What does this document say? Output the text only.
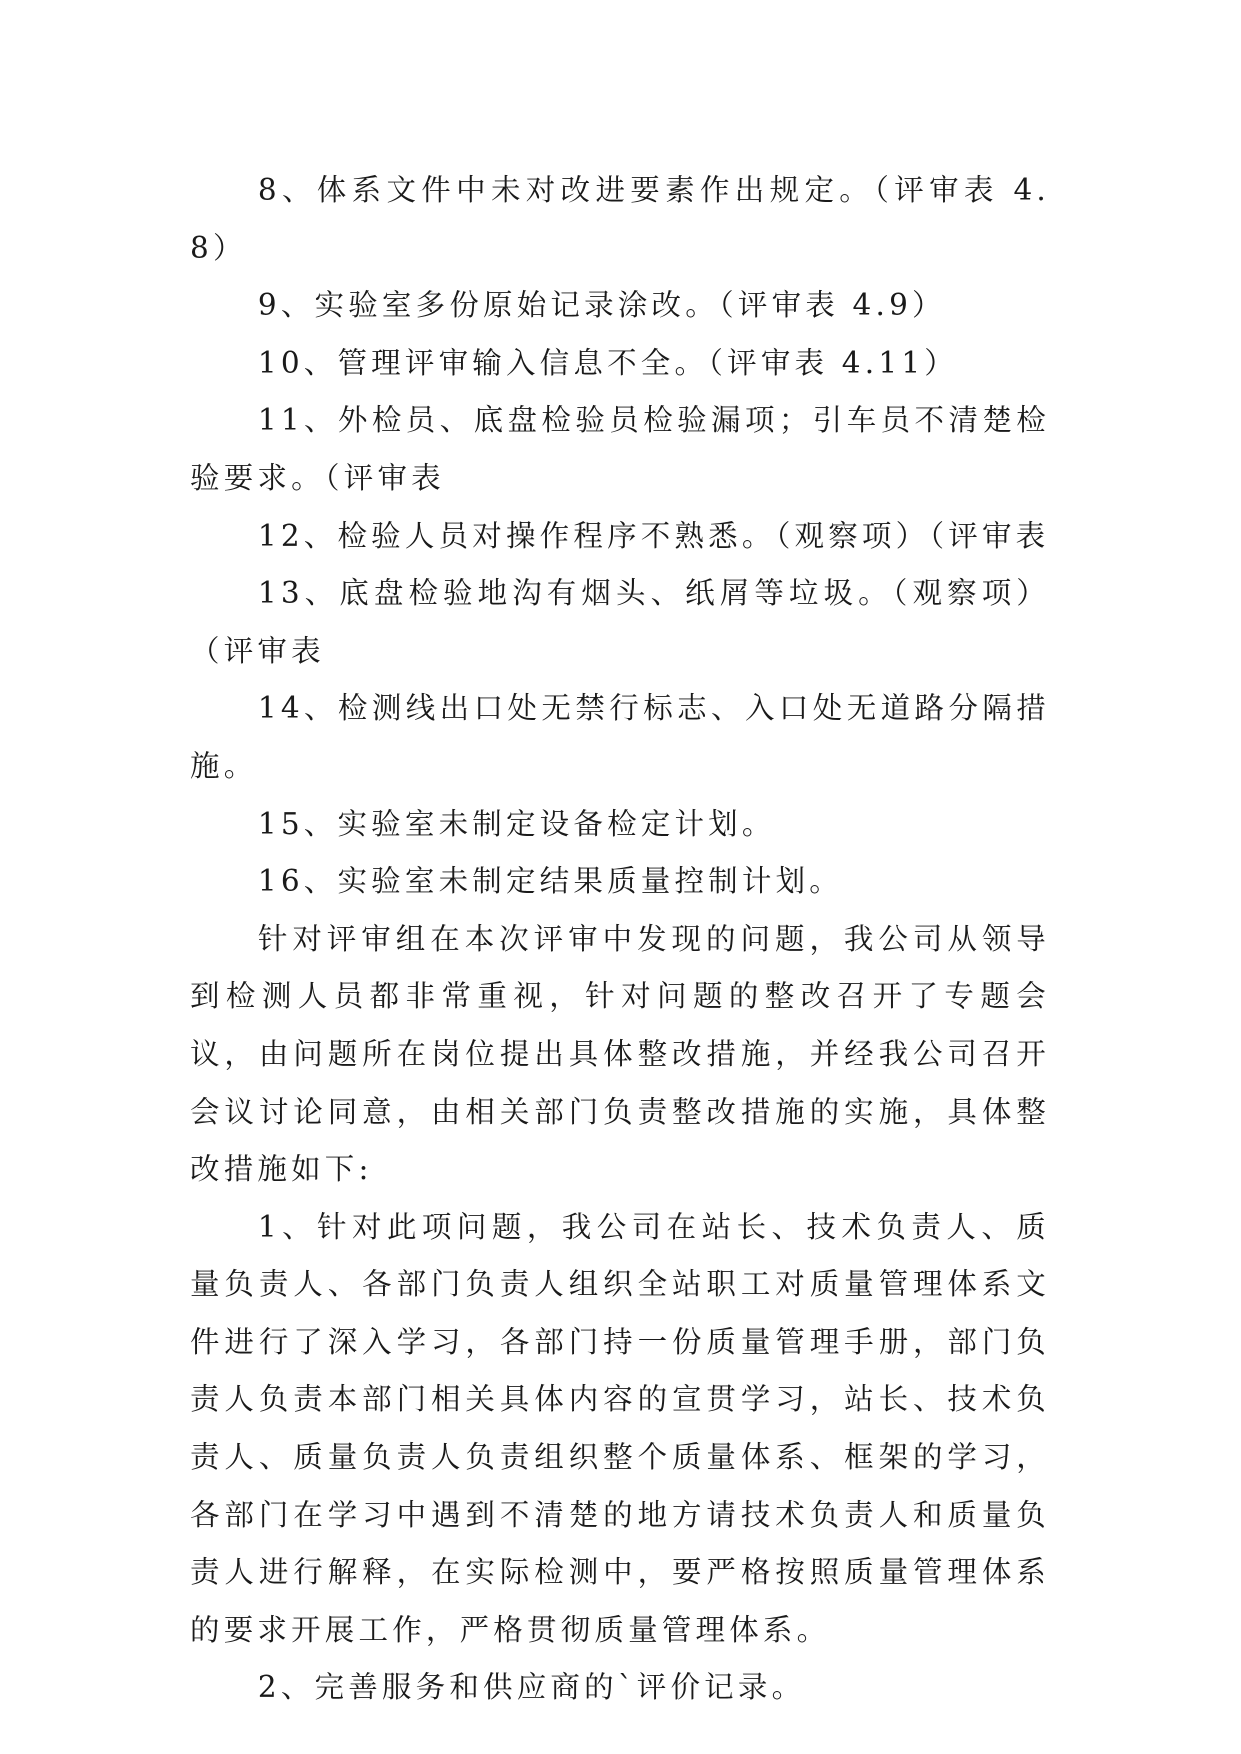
8、体系文件中未对改进要素作出规定。（评审表 4.8）

9、实验室多份原始记录涂改。（评审表 4.9）

10、管理评审输入信息不全。（评审表 4.11）

11、外检员、底盘检验员检验漏项；引车员不清楚检验要求。（评审表

12、检验人员对操作程序不熟悉。（观察项）（评审表

13、底盘检验地沟有烟头、纸屑等垃圾。（观察项）（评审表

14、检测线出口处无禁行标志、入口处无道路分隔措施。

15、实验室未制定设备检定计划。

16、实验室未制定结果质量控制计划。

针对评审组在本次评审中发现的问题，我公司从领导到检测人员都非常重视，针对问题的整改召开了专题会议，由问题所在岗位提出具体整改措施，并经我公司召开会议讨论同意，由相关部门负责整改措施的实施，具体整改措施如下:

1、针对此项问题，我公司在站长、技术负责人、质量负责人、各部门负责人组织全站职工对质量管理体系文件进行了深入学习，各部门持一份质量管理手册，部门负责人负责本部门相关具体内容的宣贯学习，站长、技术负责人、质量负责人负责组织整个质量体系、框架的学习，各部门在学习中遇到不清楚的地方请技术负责人和质量负责人进行解释，在实际检测中，要严格按照质量管理体系的要求开展工作，严格贯彻质量管理体系。

2、完善服务和供应商的`评价记录。
